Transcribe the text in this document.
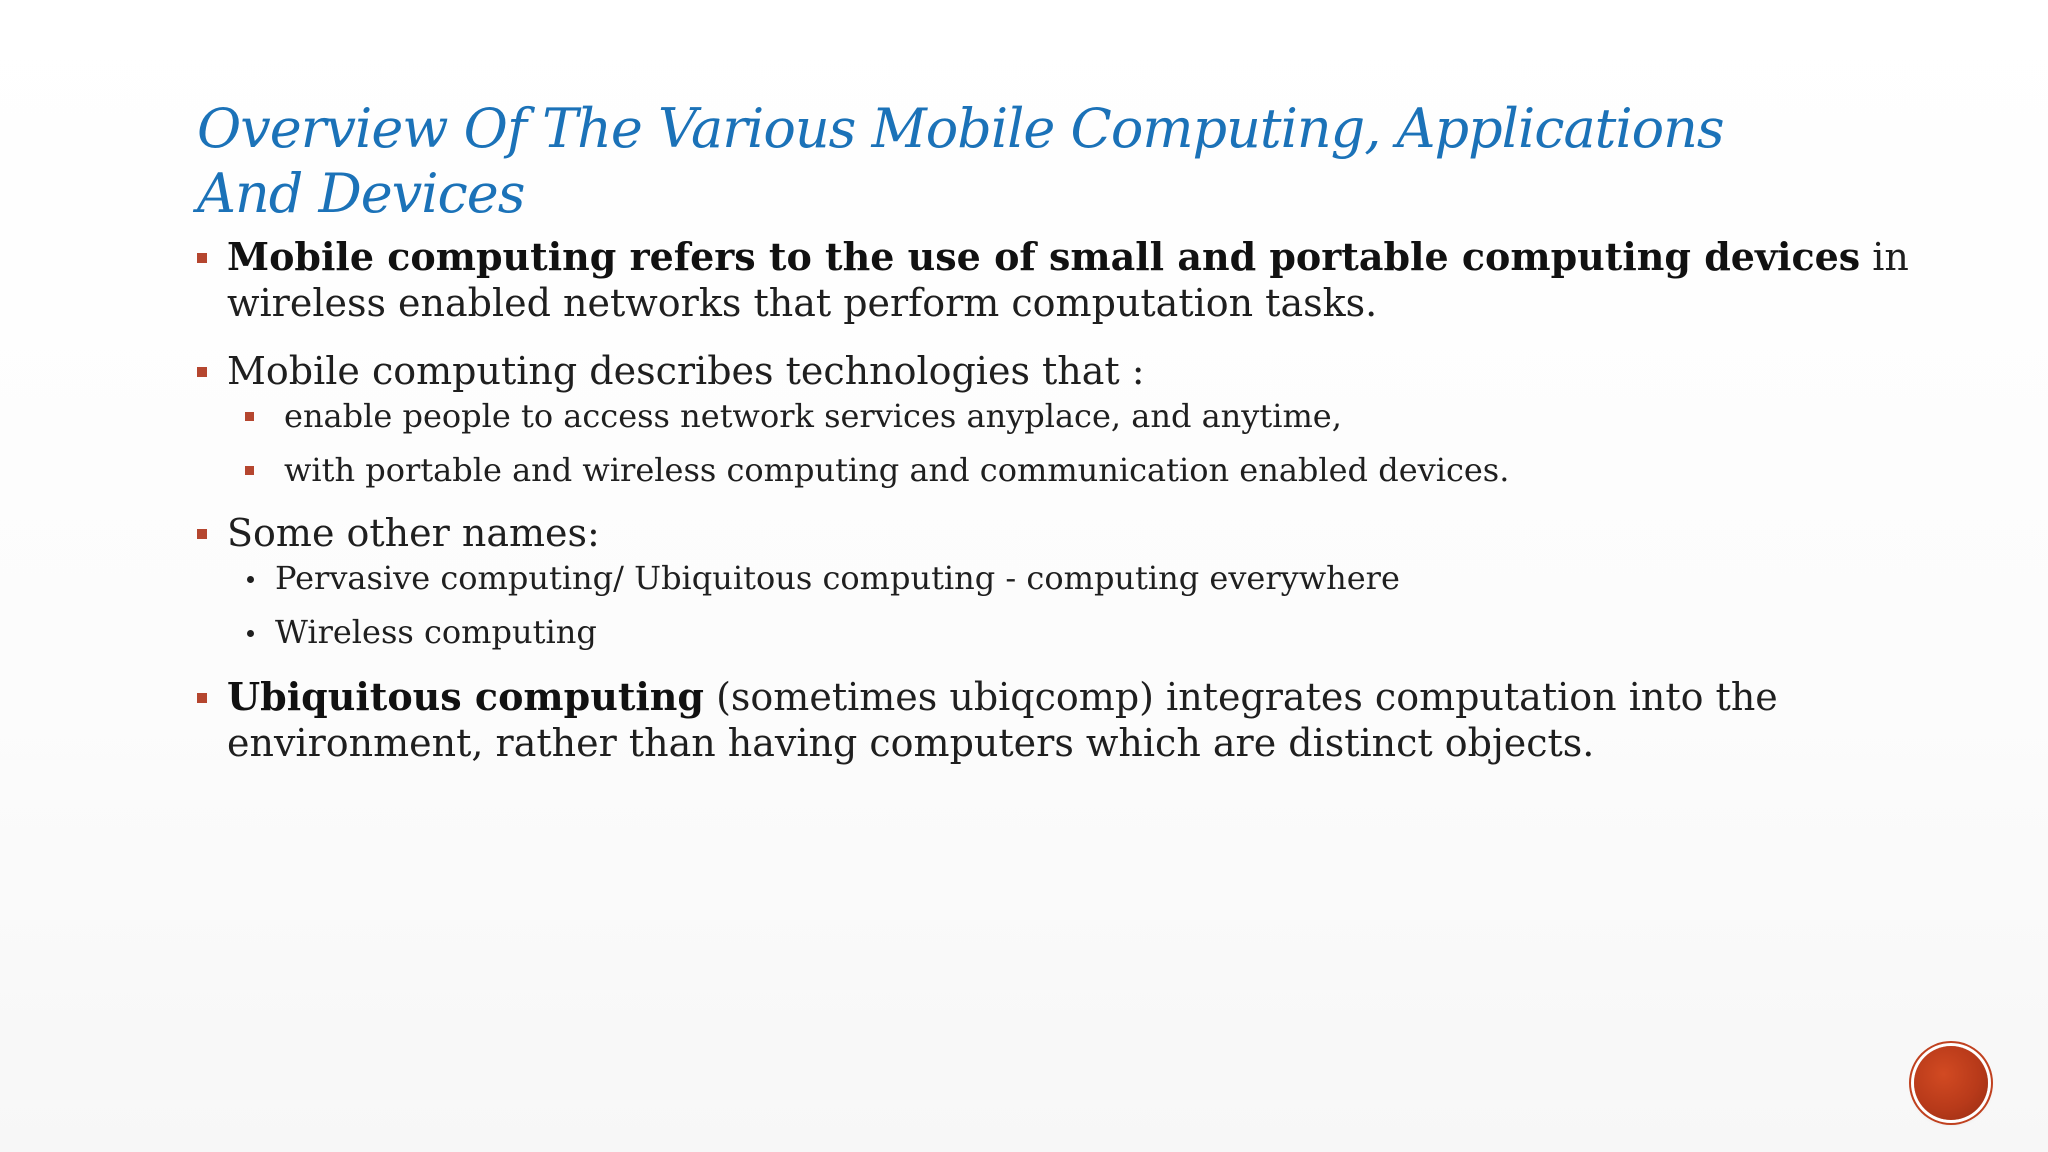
Overview Of The Various Mobile Computing, Applications
And Devices
Mobile computing refers to the use of small and portable computing devices in
wireless enabled networks that perform computation tasks.
Mobile computing describes technologies that :
enable people to access network services anyplace, and anytime,
with portable and wireless computing and communication enabled devices.
Some other names:
Pervasive computing/ Ubiquitous computing - computing everywhere
Wireless computing
Ubiquitous computing (sometimes ubiqcomp) integrates computation into the
environment, rather than having computers which are distinct objects.
